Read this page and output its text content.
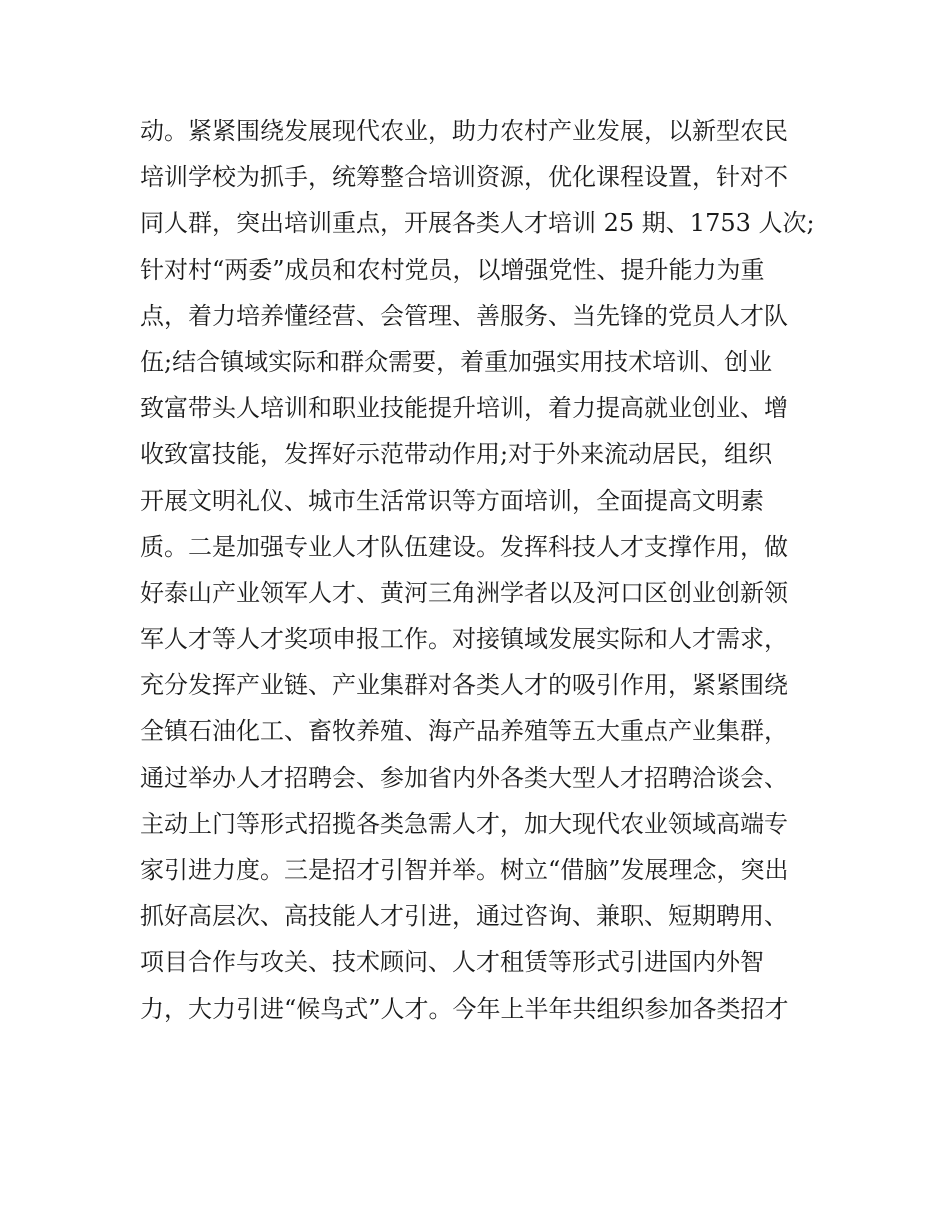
动。紧紧围绕发展现代农业，助力农村产业发展，以新型农民
培训学校为抓手，统筹整合培训资源，优化课程设置，针对不
同人群，突出培训重点，开展各类人才培训 25 期、1753 人次;
针对村“两委”成员和农村党员，以增强党性、提升能力为重
点，着力培养懂经营、会管理、善服务、当先锋的党员人才队
伍;结合镇域实际和群众需要，着重加强实用技术培训、创业
致富带头人培训和职业技能提升培训，着力提高就业创业、增
收致富技能，发挥好示范带动作用;对于外来流动居民，组织
开展文明礼仪、城市生活常识等方面培训，全面提高文明素
质。二是加强专业人才队伍建设。发挥科技人才支撑作用，做
好泰山产业领军人才、黄河三角洲学者以及河口区创业创新领
军人才等人才奖项申报工作。对接镇域发展实际和人才需求，
充分发挥产业链、产业集群对各类人才的吸引作用，紧紧围绕
全镇石油化工、畜牧养殖、海产品养殖等五大重点产业集群，
通过举办人才招聘会、参加省内外各类大型人才招聘洽谈会、
主动上门等形式招揽各类急需人才，加大现代农业领域高端专
家引进力度。三是招才引智并举。树立“借脑”发展理念，突出
抓好高层次、高技能人才引进，通过咨询、兼职、短期聘用、
项目合作与攻关、技术顾问、人才租赁等形式引进国内外智
力，大力引进“候鸟式”人才。今年上半年共组织参加各类招才
